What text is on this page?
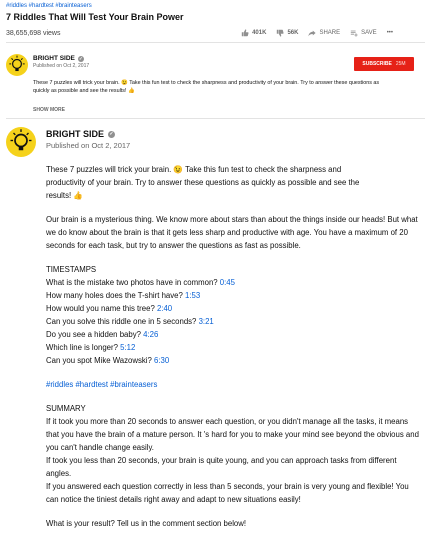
#riddles #hardtest #brainteasers
7 Riddles That Will Test Your Brain Power
38,655,698 views	401K	56K	SHARE	SAVE •••
BRIGHT SIDE ✓
Published on Oct 2, 2017	SUBSCRIBE 25M
These 7 puzzles will trick your brain. 😉 Take this fun test to check the sharpness and productivity of your brain. Try to answer these questions as quickly as possible and see the results! 👍
SHOW MORE
BRIGHT SIDE ✓
Published on Oct 2, 2017

These 7 puzzles will trick your brain. 😉 Take this fun test to check the sharpness and
productivity of your brain. Try to answer these questions as quickly as possible and see the
results! 👍

Our brain is a mysterious thing. We know more about stars than about the things inside our heads! But what we do know about the brain is that it gets less sharp and productive with age. You have a maximum of 20 seconds for each task, but try to answer the questions as fast as possible.

TIMESTAMPS
What is the mistake two photos have in common? 0:45
How many holes does the T-shirt have? 1:53
How would you name this tree? 2:40
Can you solve this riddle one in 5 seconds? 3:21
Do you see a hidden baby? 4:26
Which line is longer? 5:12
Can you spot Mike Wazowski? 6:30

#riddles #hardtest #brainteasers

SUMMARY
If it took you more than 20 seconds to answer each question, or you didn't manage all the tasks, it means that you have the brain of a mature person. It 's hard for you to make your mind see beyond the obvious and you can't handle change easily.
If took you less than 20 seconds, your brain is quite young, and you can approach tasks from different angles.
If you answered each question correctly in less than 5 seconds, your brain is very young and flexible! You can notice the tiniest details right away and adapt to new situations easily!

What is your result? Tell us in the comment section below!
